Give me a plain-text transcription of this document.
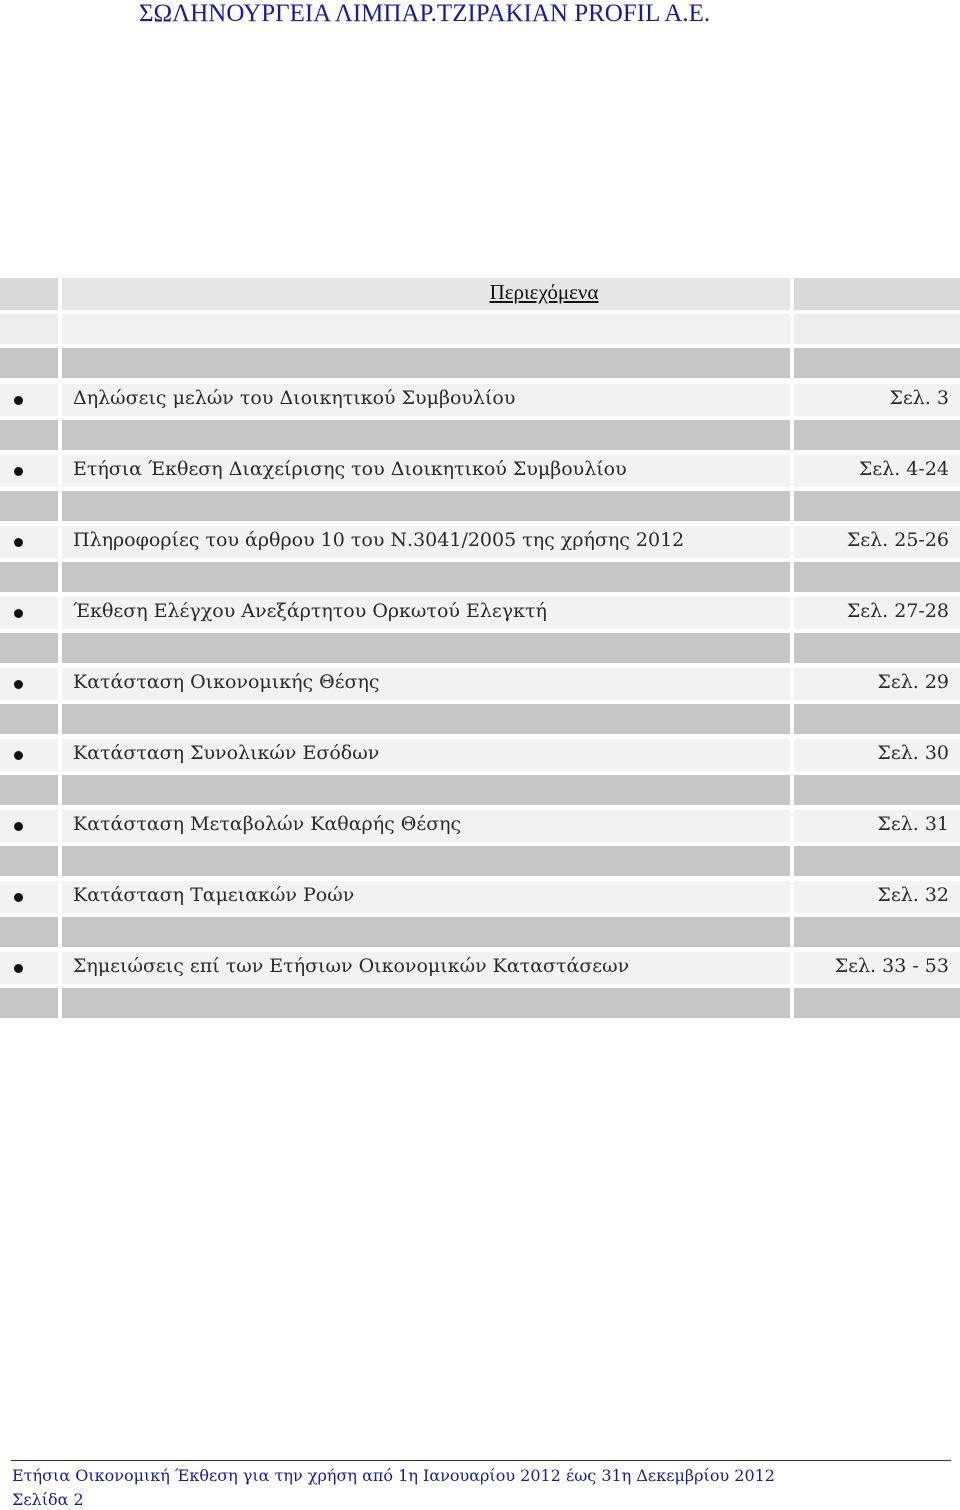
ΣΩΛΗΝΟΥΡΓΕΙΑ ΛΙΜΠΑΡ.ΤΖΙΡΑΚΙΑΝ PROFIL A.E.
Περιεχόμενα
Δηλώσεις μελών του Διοικητικού Συμβουλίου	Σελ. 3
Ετήσια Έκθεση Διαχείρισης του Διοικητικού Συμβουλίου	Σελ. 4-24
Πληροφορίες του άρθρου 10 του Ν.3041/2005 της χρήσης 2012	Σελ. 25-26
Έκθεση Ελέγχου Ανεξάρτητου Ορκωτού Ελεγκτή	Σελ. 27-28
Κατάσταση Οικονομικής Θέσης	Σελ. 29
Κατάσταση Συνολικών Εσόδων	Σελ. 30
Κατάσταση Μεταβολών Καθαρής Θέσης	Σελ. 31
Κατάσταση Ταμειακών Ροών	Σελ. 32
Σημειώσεις επί των Ετήσιων Οικονομικών Καταστάσεων	Σελ. 33 - 53
Ετήσια Οικονομική Έκθεση για την χρήση από 1η Ιανουαρίου 2012 έως 31η Δεκεμβρίου 2012
Σελίδα 2
